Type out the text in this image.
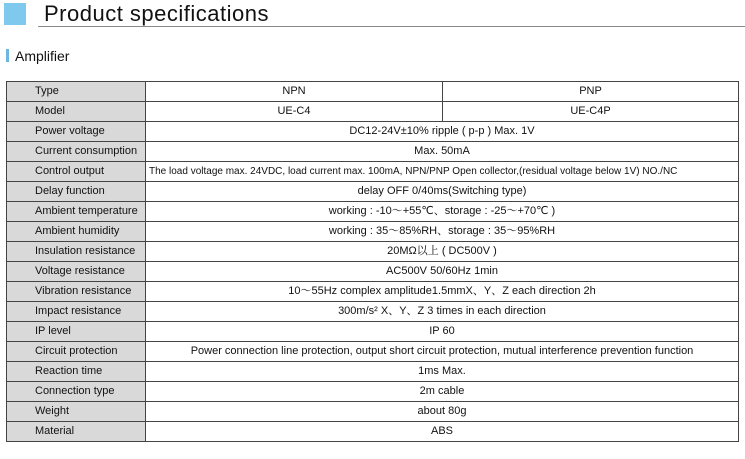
Product specifications
Amplifier
Type	NPN	PNP
Model	UE-C4	UE-C4P
Power voltage	DC12-24V±10% ripple ( p-p ) Max. 1V	
Current consumption	Max. 50mA	
Control output	The load voltage max. 24VDC, load current max. 100mA, NPN/PNP Open collector,(residual voltage below 1V) NO./NC	
Delay function	delay OFF 0/40ms(Switching type)	
Ambient temperature	working : -10～+55℃、storage : -25～+70℃ )	
Ambient humidity	working : 35～85%RH、storage : 35～95%RH	
Insulation resistance	20MΩ以上 ( DC500V )	
Voltage resistance	AC500V 50/60Hz 1min	
Vibration resistance	10～55Hz complex amplitude1.5mmX、Y、Z each direction 2h	
Impact resistance	300m/s² X、Y、Z 3 times in each direction	
IP level	IP 60	
Circuit protection	Power connection line protection, output short circuit protection, mutual interference prevention function	
Reaction time	1ms Max.	
Connection type	2m cable	
Weight	about 80g	
Material	ABS	
